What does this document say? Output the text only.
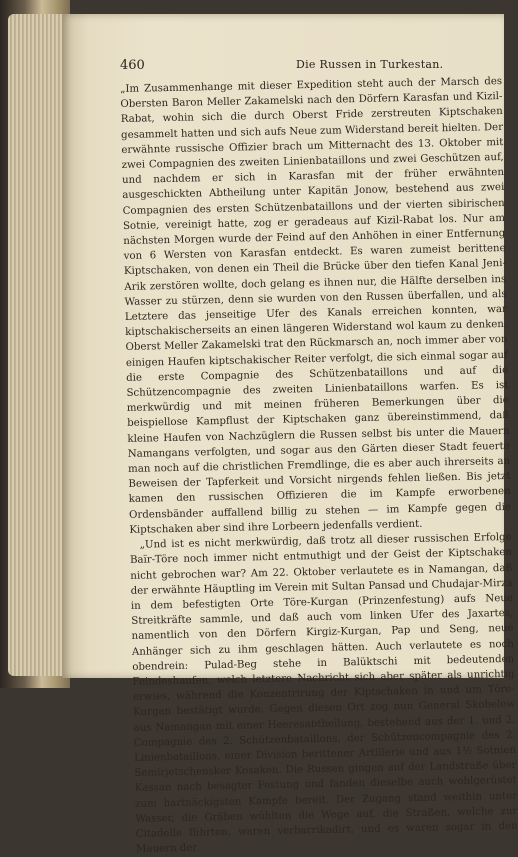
460	Die Russen in Turkestan.

„Im Zusammenhange mit dieser Expedition steht auch der Marsch des Obersten Baron Meller Zakamelski nach den Dörfern Karasfan und Kizil-Rabat, wohin sich die durch Oberst Fride zerstreuten Kiptschaken gesammelt hatten und sich aufs Neue zum Widerstand bereit hielten. Der erwähnte russische Offizier brach um Mitternacht des 13. Oktober mit zwei Compagnien des zweiten Linienbataillons und zwei Geschützen auf, und nachdem er sich in Karasfan mit der früher erwähnten ausgeschickten Abtheilung unter Kapitän Jonow, bestehend aus zwei Compagnien des ersten Schützenbataillons und der vierten sibirischen Sotnie, vereinigt hatte, zog er geradeaus auf Kizil-Rabat los. Nur am nächsten Morgen wurde der Feind auf den Anhöhen in einer Entfernung von 6 Wersten von Karasfan entdeckt. Es waren zumeist berittene Kiptschaken, von denen ein Theil die Brücke über den tiefen Kanal Jeni-Arik zerstören wollte, doch gelang es ihnen nur, die Hälfte derselben ins Wasser zu stürzen, denn sie wurden von den Russen überfallen, und als Letztere das jenseitige Ufer des Kanals erreichen konnten, war kiptschakischerseits an einen längeren Widerstand wol kaum zu denken. Oberst Meller Zakamelski trat den Rückmarsch an, noch immer aber von einigen Haufen kiptschakischer Reiter verfolgt, die sich einmal sogar auf die erste Compagnie des Schützenbataillons und auf die Schützencompagnie des zweiten Linienbataillons warfen. Es ist merkwürdig und mit meinen früheren Bemerkungen über die beispiellose Kampflust der Kiptschaken ganz übereinstimmend, daß kleine Haufen von Nachzüglern die Russen selbst bis unter die Mauern Namangans verfolgten, und sogar aus den Gärten dieser Stadt feuerte man noch auf die christlichen Fremdlinge, die es aber auch ihrerseits an Beweisen der Tapferkeit und Vorsicht nirgends fehlen ließen. Bis jetzt kamen den russischen Offizieren die im Kampfe erworbenen Ordensbänder auffallend billig zu stehen — im Kampfe gegen die Kiptschaken aber sind ihre Lorbeern jedenfalls verdient.

„Und ist es nicht merkwürdig, daß trotz all dieser russischen Erfolge Baïr-Töre noch immer nicht entmuthigt und der Geist der Kiptschaken nicht gebrochen war? Am 22. Oktober verlautete es in Namangan, daß der erwähnte Häuptling im Verein mit Sultan Pansad und Chudajar-Mirza in dem befestigten Orte Töre-Kurgan (Prinzenfestung) aufs Neue Streitkräfte sammle, und daß auch vom linken Ufer des Jaxartes, namentlich von den Dörfern Kirgiz-Kurgan, Pap und Seng, neue Anhänger sich zu ihm geschlagen hätten. Auch verlautete es noch obendrein: Pulad-Beg stehe in Balüktschi mit bedeutenden Feindeshaufen, welch letztere Nachricht sich aber später als unrichtig erwies, während die Konzentrirung der Kiptschaken in und um Töre-Kurgan bestätigt wurde. Gegen diesen Ort zog nun General Skobelew aus Namangan mit einer Heeresabtheilung, bestehend aus der 1. und 2. Compagnie des 2. Schützenbataillons, der Schützencompagnie des 2. Linienbataillons, einer Division berittener Artillerie und aus 1½ Sotnien Semirjetschensker Kosaken. Die Russen gingen auf der Landstraße über Kassan nach besagter Festung und fanden dieselbe auch wohlgerüstet zum hartnäckigsten Kampfe bereit. Der Zugang stand weithin unter Wasser, die Gräben wühlten die Wege auf, die Straßen, welche zur Citadelle führten, waren verbarrikadirt, und es waren sogar in den Mauern der
